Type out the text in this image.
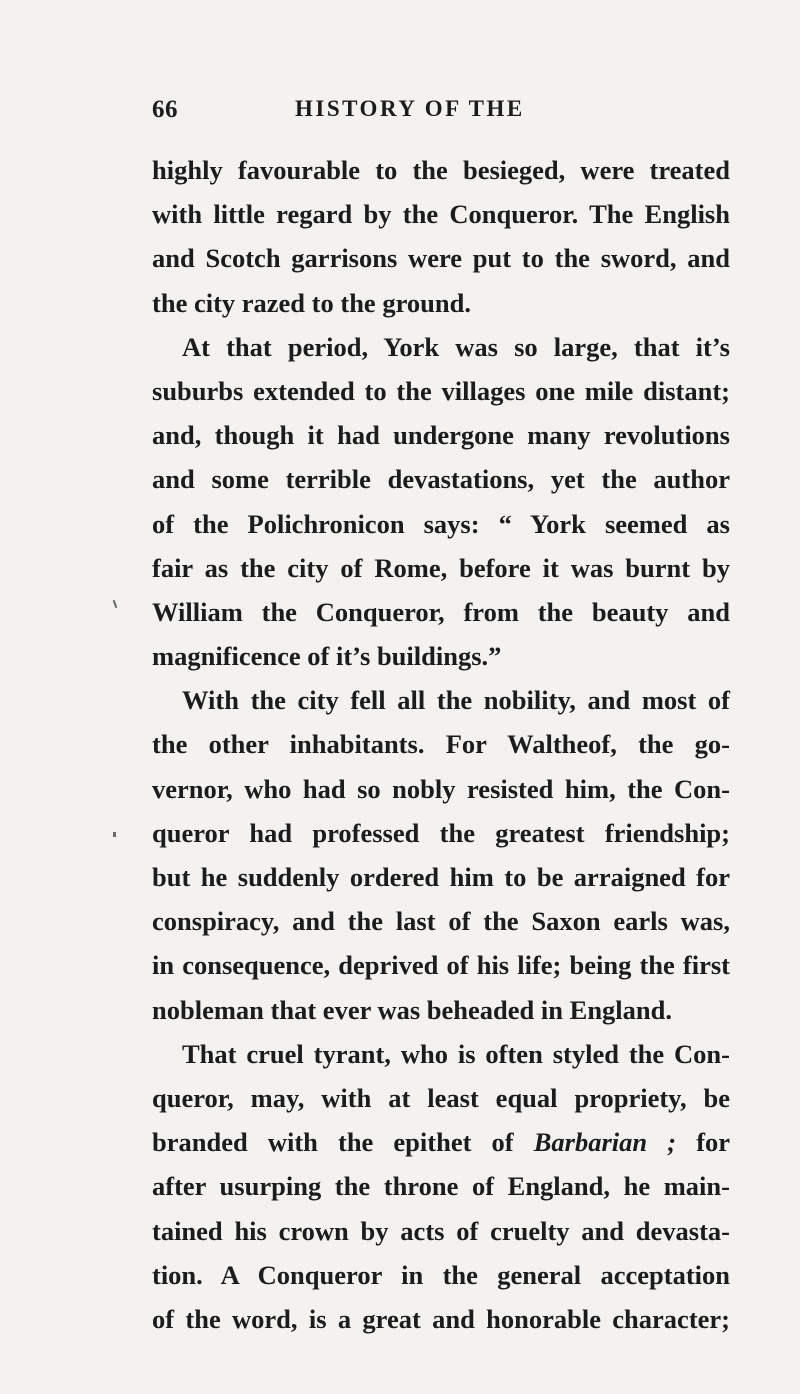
66	HISTORY OF THE
highly favourable to the besieged, were treated
with little regard by the Conqueror. The English
and Scotch garrisons were put to the sword, and
the city razed to the ground.
At that period, York was so large, that it’s
suburbs extended to the villages one mile distant;
and, though it had undergone many revolutions
and some terrible devastations, yet the author
of the Polichronicon says: “ York seemed as
fair as the city of Rome, before it was burnt by
William the Conqueror, from the beauty and
magnificence of it’s buildings.”
With the city fell all the nobility, and most of
the other inhabitants. For Waltheof, the go-
vernor, who had so nobly resisted him, the Con-
queror had professed the greatest friendship;
but he suddenly ordered him to be arraigned for
conspiracy, and the last of the Saxon earls was,
in consequence, deprived of his life; being the first
nobleman that ever was beheaded in England.
That cruel tyrant, who is often styled the Con-
queror, may, with at least equal propriety, be
branded with the epithet of Barbarian ; for
after usurping the throne of England, he main-
tained his crown by acts of cruelty and devasta-
tion. A Conqueror in the general acceptation
of the word, is a great and honorable character;
